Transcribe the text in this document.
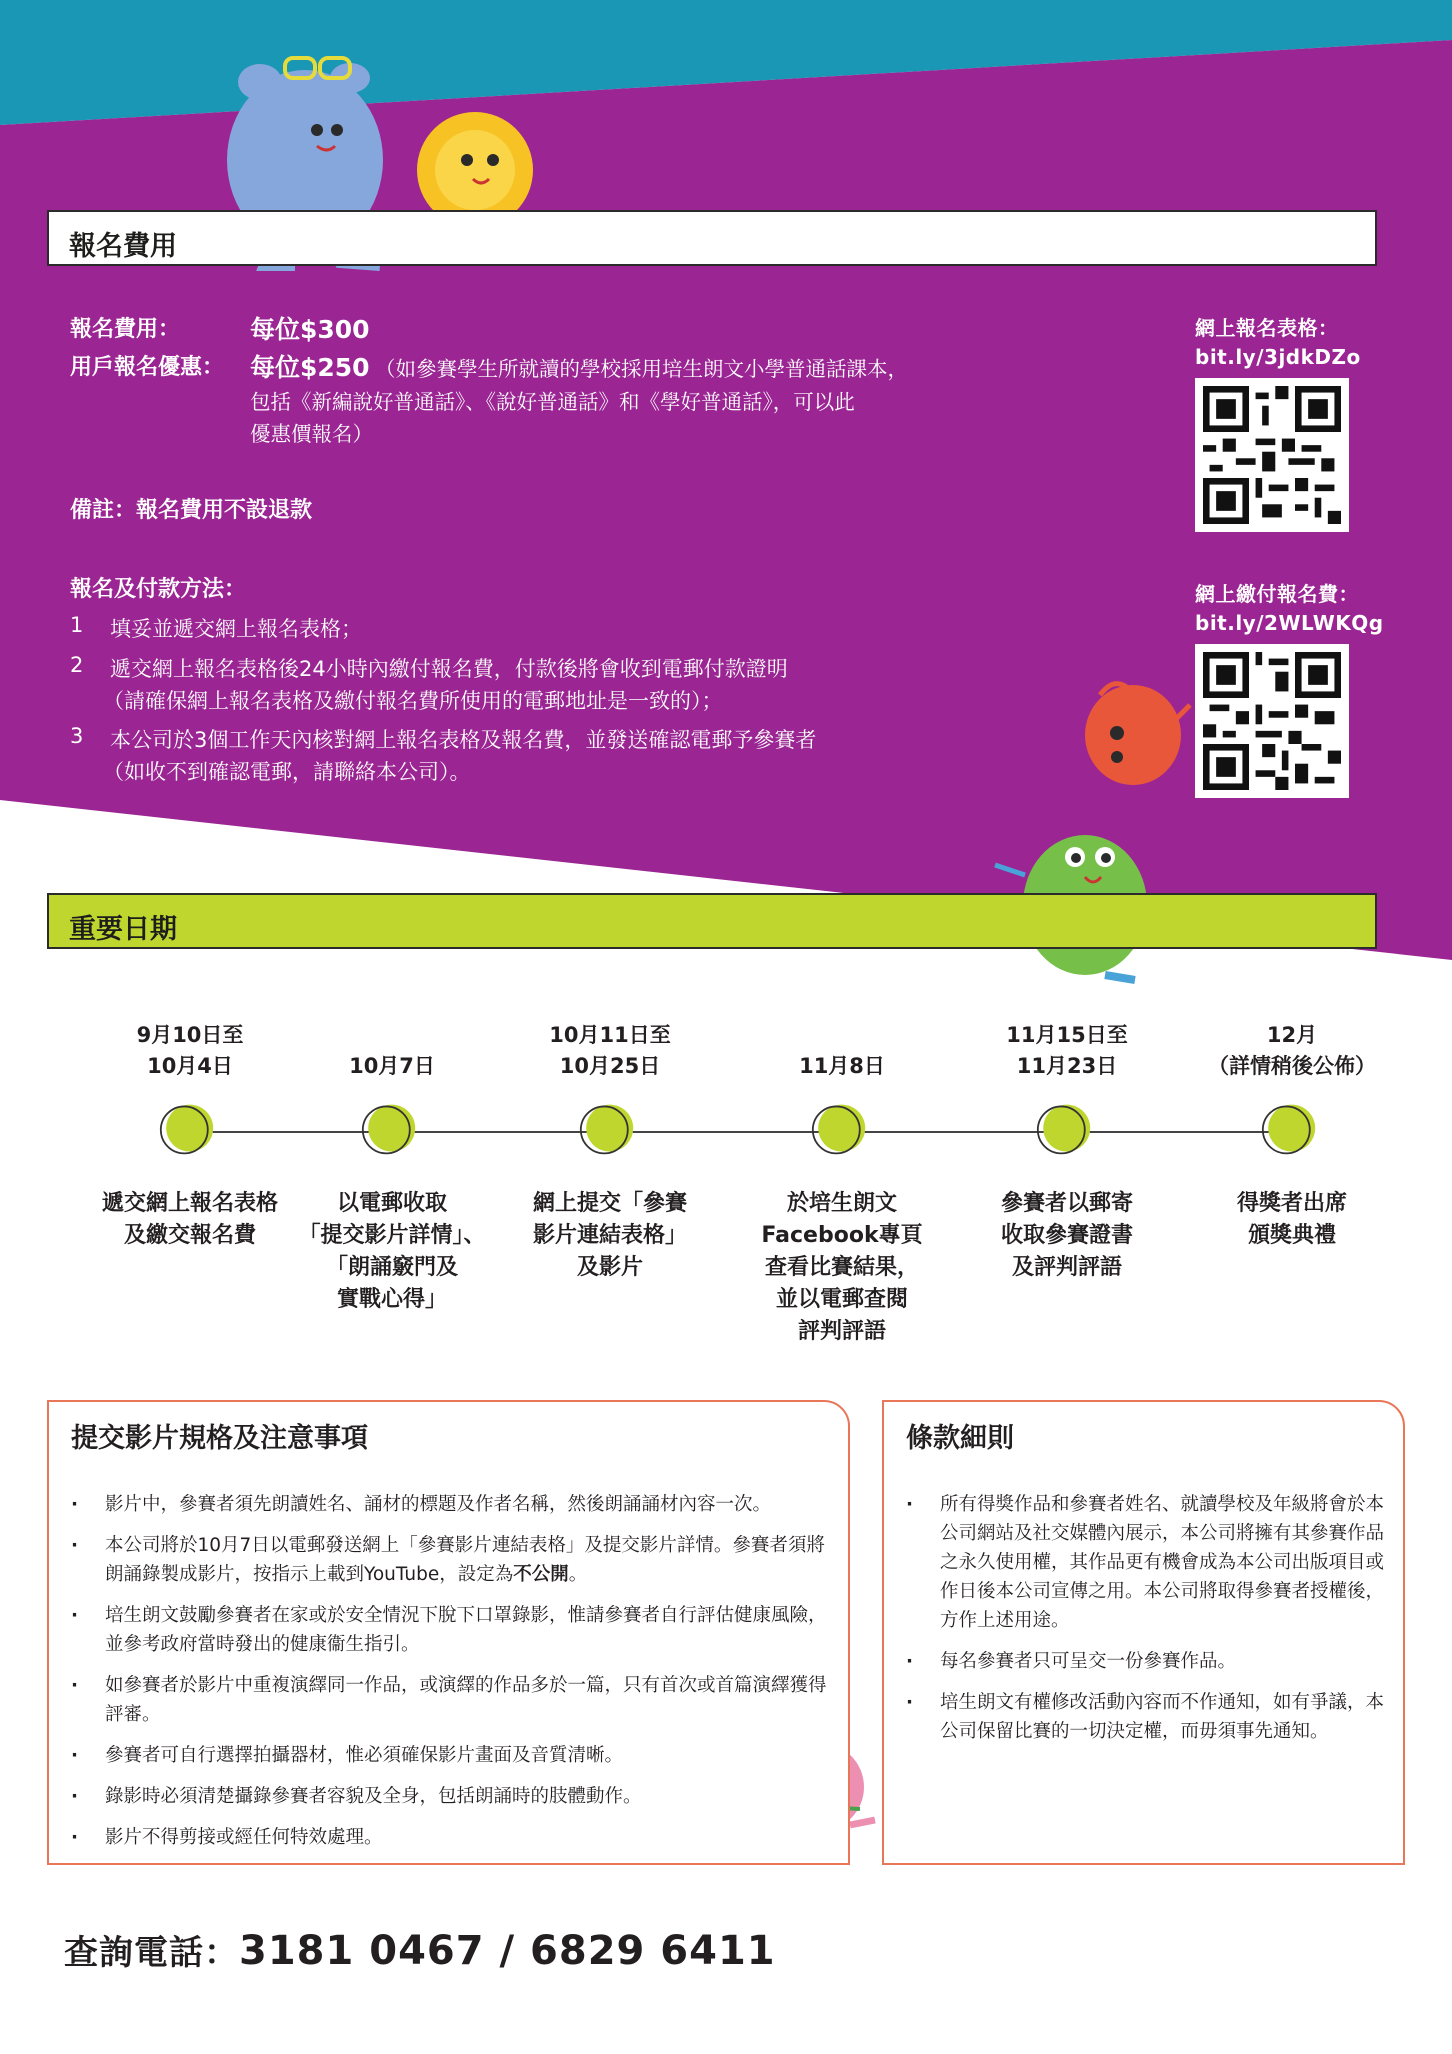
報名費用
報名費用：	每位$300
用戶報名優惠： 每位$250 （如參賽學生所就讀的學校採用培生朗文小學普通話課本，
包括《新編說好普通話》、《說好普通話》和《學好普通話》，可以此
優惠價報名）
備註：報名費用不設退款
報名及付款方法：
1 填妥並遞交網上報名表格；
2 遞交網上報名表格後24小時內繳付報名費，付款後將會收到電郵付款證明
（請確保網上報名表格及繳付報名費所使用的電郵地址是一致的）；
3 本公司於3個工作天內核對網上報名表格及報名費，並發送確認電郵予參賽者
（如收不到確認電郵，請聯絡本公司）。
網上報名表格：
bit.ly/3jdkDZo
網上繳付報名費：
bit.ly/2WLWKQg
重要日期
9月10日至
10月4日
遞交網上報名表格
及繳交報名費
10月7日
以電郵收取
「提交影片詳情」、
「朗誦竅門及
實戰心得」
10月11日至
10月25日
網上提交「參賽
影片連結表格」
及影片
11月8日
於培生朗文
Facebook專頁
查看比賽結果，
並以電郵查閱
評判評語
11月15日至
11月23日
參賽者以郵寄
收取參賽證書
及評判評語
12月
（詳情稍後公佈）
得獎者出席
頒獎典禮
提交影片規格及注意事項
· 影片中，參賽者須先朗讀姓名、誦材的標題及作者名稱，然後朗誦誦材內容一次。
· 本公司將於10月7日以電郵發送網上「參賽影片連結表格」及提交影片詳情。參賽者須將朗誦錄製成影片，按指示上載到YouTube，設定為不公開。
· 培生朗文鼓勵參賽者在家或於安全情況下脫下口罩錄影，惟請參賽者自行評估健康風險，並參考政府當時發出的健康衞生指引。
· 如參賽者於影片中重複演繹同一作品，或演繹的作品多於一篇，只有首次或首篇演繹獲得評審。
· 參賽者可自行選擇拍攝器材，惟必須確保影片畫面及音質清晰。
· 錄影時必須清楚攝錄參賽者容貌及全身，包括朗誦時的肢體動作。
· 影片不得剪接或經任何特效處理。
條款細則
· 所有得獎作品和參賽者姓名、就讀學校及年級將會於本公司網站及社交媒體內展示，本公司將擁有其參賽作品之永久使用權，其作品更有機會成為本公司出版項目或作日後本公司宣傳之用。本公司將取得參賽者授權後，方作上述用途。
· 每名參賽者只可呈交一份參賽作品。
· 培生朗文有權修改活動內容而不作通知，如有爭議，本公司保留比賽的一切決定權，而毋須事先通知。
查詢電話：3181 0467 / 6829 6411
